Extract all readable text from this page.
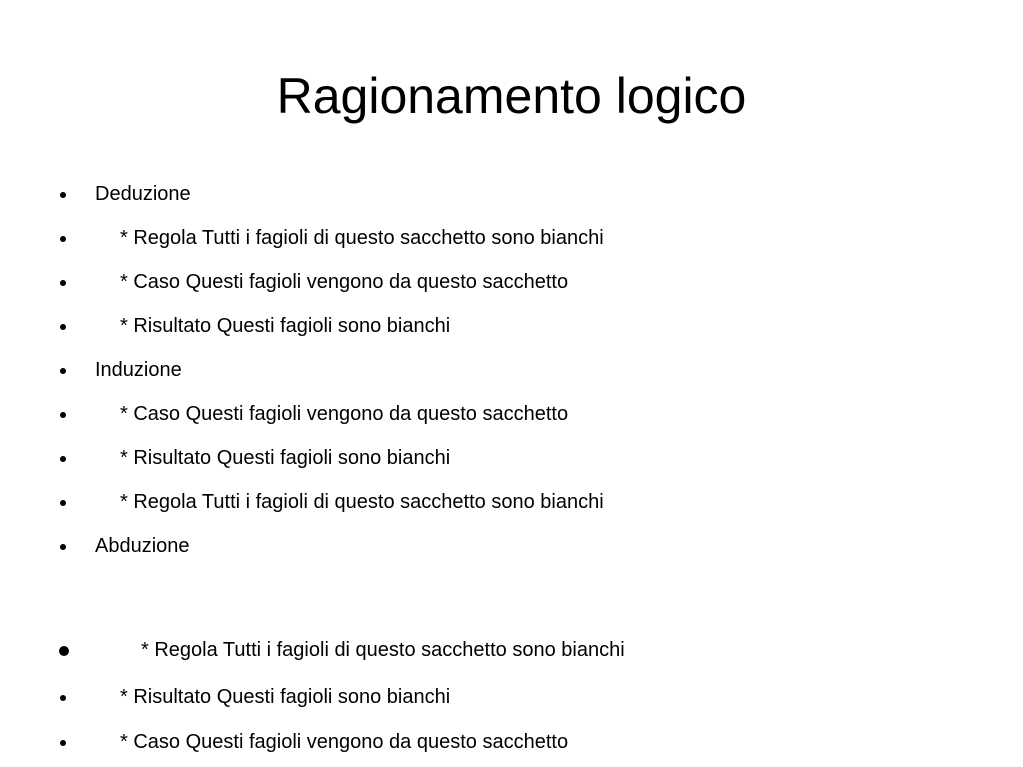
Ragionamento logico
Deduzione
* Regola Tutti i fagioli di questo sacchetto sono bianchi
* Caso Questi fagioli vengono da questo sacchetto
* Risultato Questi fagioli sono bianchi
Induzione
* Caso Questi fagioli vengono da questo sacchetto
* Risultato Questi fagioli sono bianchi
* Regola Tutti i fagioli di questo sacchetto sono bianchi
Abduzione
* Regola Tutti i fagioli di questo sacchetto sono bianchi
* Risultato Questi fagioli sono bianchi
* Caso Questi fagioli vengono da questo sacchetto
